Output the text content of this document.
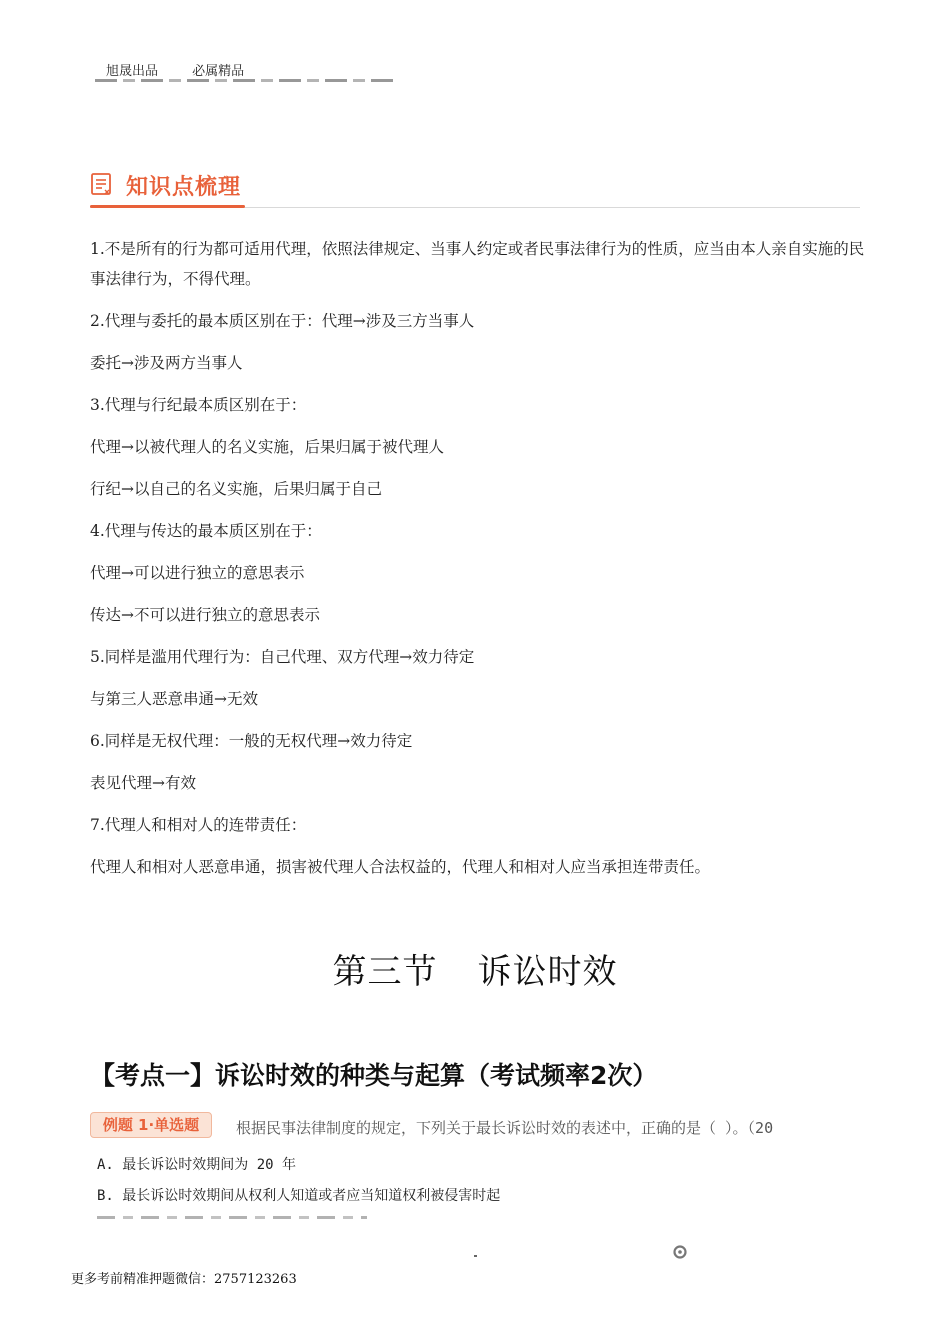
旭晟出品	必属精品
知识点梳理

1.不是所有的行为都可适用代理，依照法律规定、当事人约定或者民事法律行为的性质，应当由本人亲自实施的民事法律行为，不得代理。

2.代理与委托的最本质区别在于：代理→涉及三方当事人

委托→涉及两方当事人

3.代理与行纪最本质区别在于：

代理→以被代理人的名义实施，后果归属于被代理人

行纪→以自己的名义实施，后果归属于自己

4.代理与传达的最本质区别在于：

代理→可以进行独立的意思表示

传达→不可以进行独立的意思表示

5.同样是滥用代理行为：自己代理、双方代理→效力待定

与第三人恶意串通→无效

6.同样是无权代理：一般的无权代理→效力待定

表见代理→有效

7.代理人和相对人的连带责任：

代理人和相对人恶意串通，损害被代理人合法权益的，代理人和相对人应当承担连带责任。

第三节 诉讼时效
【考点一】诉讼时效的种类与起算（考试频率2次）
例题 1·单选题	根据民事法律制度的规定，下列关于最长诉讼时效的表述中，正确的是（ ）。（20
A. 最长诉讼时效期间为 20 年
B. 最长诉讼时效期间从权利人知道或者应当知道权利被侵害时起
更多考前精准押题微信：2757123263
